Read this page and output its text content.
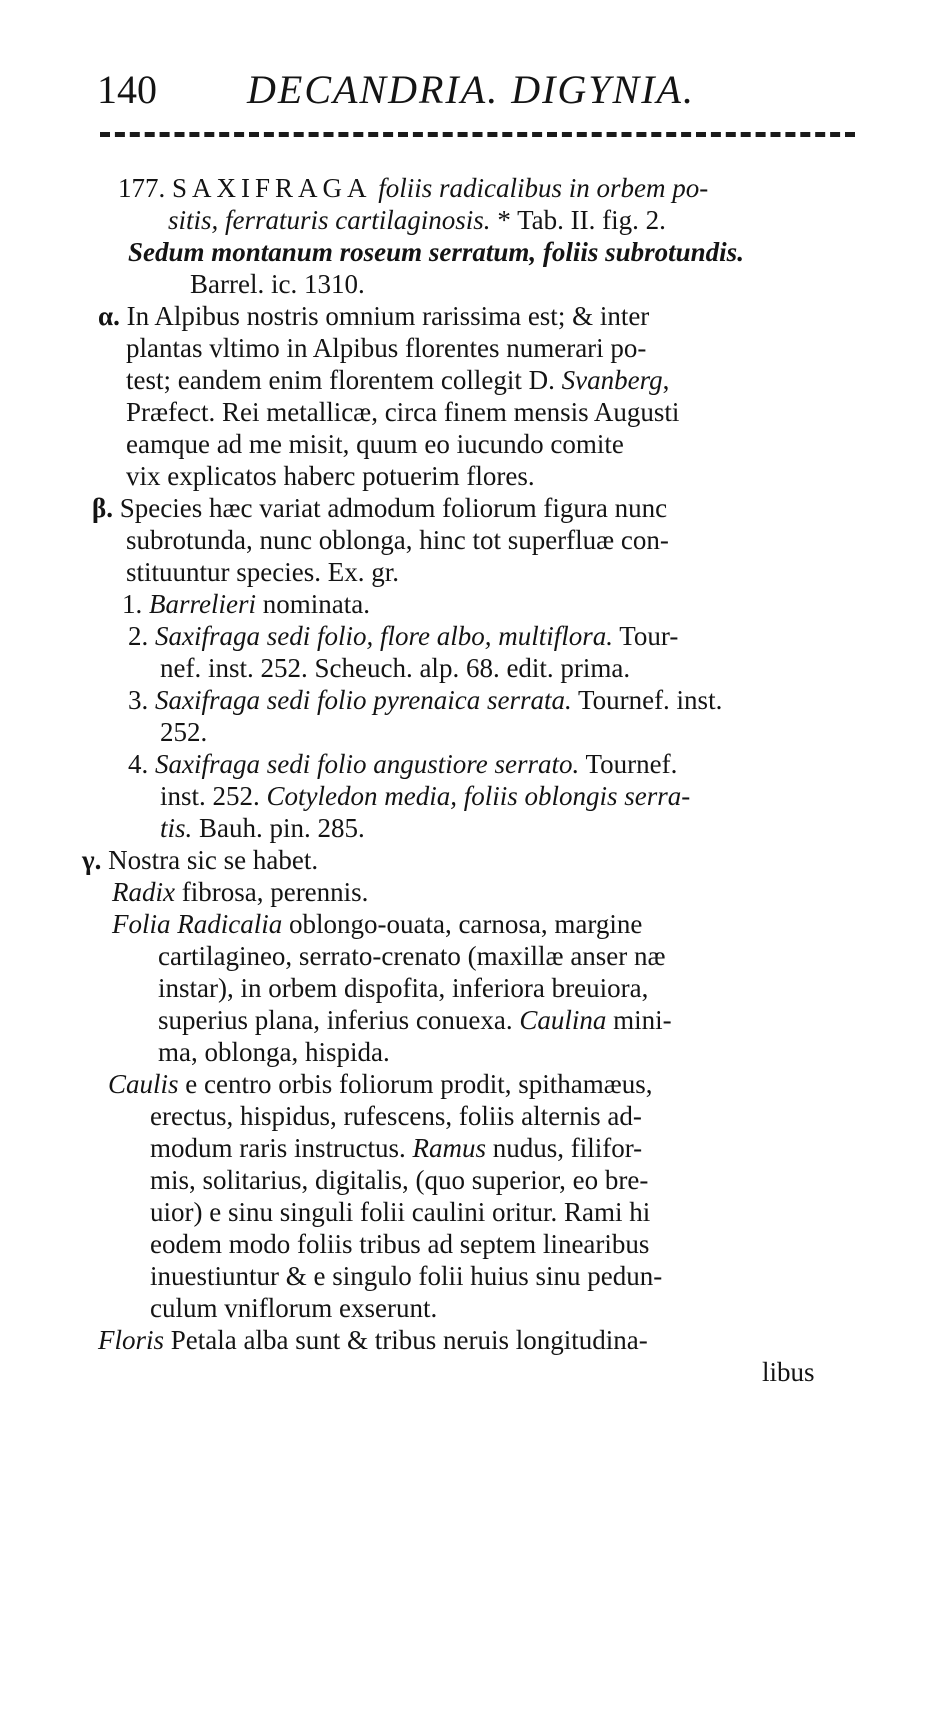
140 DECANDRIA. DIGYNIA.
177. SAXIFRAGA foliis radicalibus in orbem po-
sitis, ferraturis cartilaginosis. * Tab. II. fig. 2.
Sedum montanum roseum serratum, foliis subrotundis.
Barrel. ic. 1310.
α. In Alpibus nostris omnium rarissima est; & inter
plantas vltimo in Alpibus florentes numerari po-
test; eandem enim florentem collegit D. Svanberg,
Præfect. Rei metallicæ, circa finem mensis Augusti
eamque ad me misit, quum eo iucundo comite
vix explicatos haberc potuerim flores.
β. Species hæc variat admodum foliorum figura nunc
subrotunda, nunc oblonga, hinc tot superfluæ con-
stituuntur species. Ex. gr.
1. Barrelieri nominata.
2. Saxifraga sedi folio, flore albo, multiflora. Tour-
nef. inst. 252. Scheuch. alp. 68. edit. prima.
3. Saxifraga sedi folio pyrenaica serrata. Tournef. inst.
252.
4. Saxifraga sedi folio angustiore serrato. Tournef.
inst. 252. Cotyledon media, foliis oblongis serra-
tis. Bauh. pin. 285.
γ. Nostra sic se habet.
Radix fibrosa, perennis.
Folia Radicalia oblongo-ouata, carnosa, margine
cartilagineo, serrato-crenato (maxillæ anser næ
instar), in orbem dispofita, inferiora breuiora,
superius plana, inferius conuexa. Caulina mini-
ma, oblonga, hispida.
Caulis e centro orbis foliorum prodit, spithamæus,
erectus, hispidus, rufescens, foliis alternis ad-
modum raris instructus. Ramus nudus, filifor-
mis, solitarius, digitalis, (quo superior, eo bre-
uior) e sinu singuli folii caulini oritur. Rami hi
eodem modo foliis tribus ad septem linearibus
inuestiuntur & e singulo folii huius sinu pedun-
culum vniflorum exserunt.
Floris Petala alba sunt & tribus neruis longitudina-
libus
